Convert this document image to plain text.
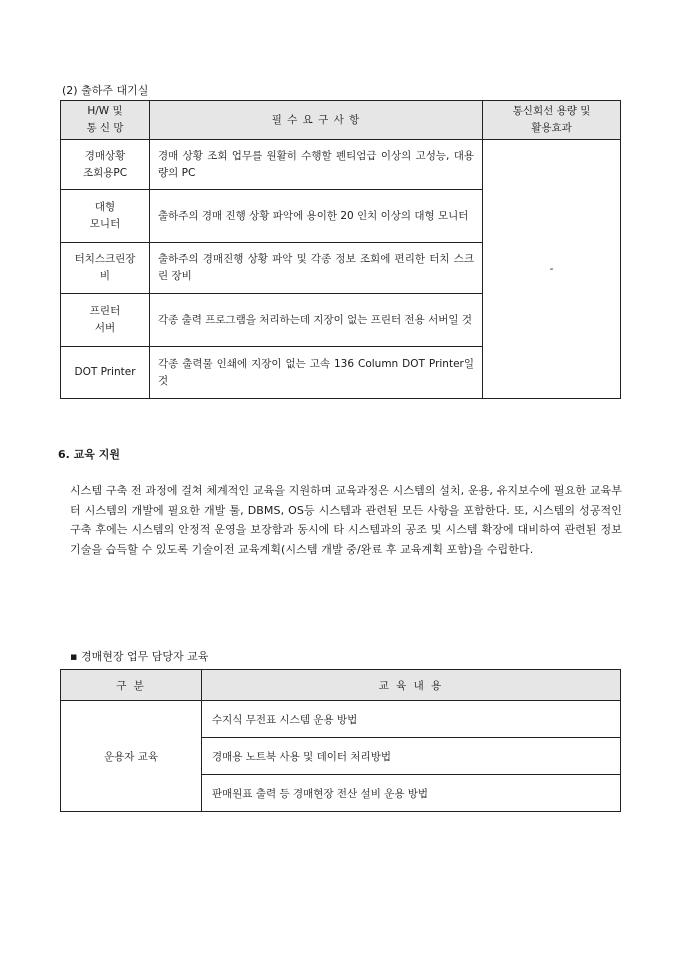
(2) 출하주 대기실
H/W 및
통 신 망	필 수 요 구 사 항	통신회선 용량 및
활용효과
경매상황
조회용PC	경매 상황 조회 업무를 원활히 수행할 펜티엄급 이상의 고성능, 대용량의 PC	-
대형
모니터	출하주의 경매 진행 상황 파악에 용이한 20 인치 이상의 대형 모니터	
터치스크린장
비	출하주의 경매진행 상황 파악 및 각종 정보 조회에 편리한 터치 스크린 장비	
프린터
서버	각종 출력 프로그램을 처리하는데 지장이 없는 프린터 전용 서버일 것	
DOT Printer	각종 출력물 인쇄에 지장이 없는 고속 136 Column DOT Printer일 것	
6. 교육 지원
시스템 구축 전 과정에 걸쳐 체계적인 교육을 지원하며 교육과정은 시스템의 설치, 운용, 유지보수에 필요한 교육부터 시스템의 개발에 필요한 개발 툴, DBMS, OS등 시스템과 관련된 모든 사항을 포함한다. 또, 시스템의 성공적인 구축 후에는 시스템의 안정적 운영을 보장함과 동시에 타 시스템과의 공조 및 시스템 확장에 대비하여 관련된 정보기술을 습득할 수 있도록 기술이전 교육계획(시스템 개발 중/완료 후 교육계획 포함)을 수립한다.
▪ 경매현장 업무 담당자 교육
구 분	교 육 내 용
운용자 교육	수지식 무전표 시스템 운용 방법
	경매용 노트북 사용 및 데이터 처리방법
	판매원표 출력 등 경매현장 전산 설비 운용 방법
